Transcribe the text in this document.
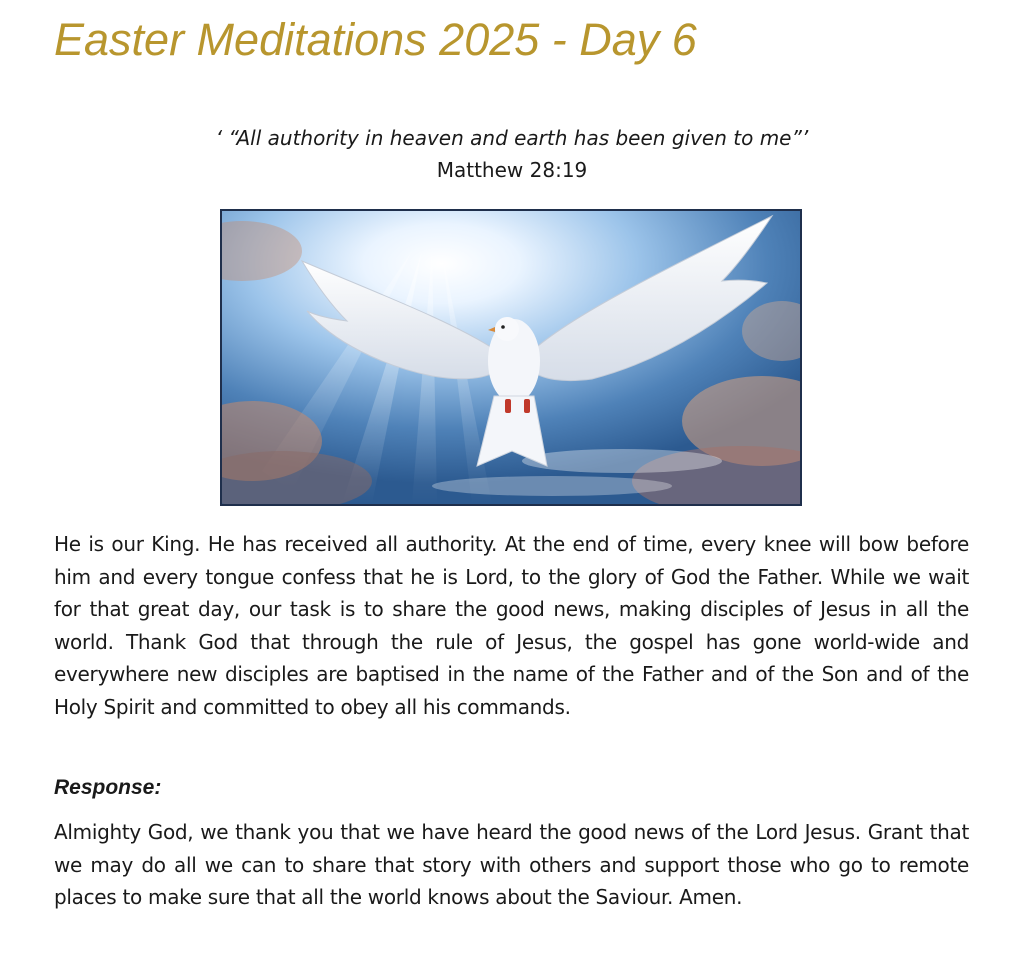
Easter Meditations 2025 - Day 6

‘ “All authority in heaven and earth has been given to me”’

Matthew 28:19

He is our King. He has received all authority. At the end of time, every knee will bow before him and every tongue confess that he is Lord, to the glory of God the Father. While we wait for that great day, our task is to share the good news, making disciples of Jesus in all the world. Thank God that through the rule of Jesus, the gospel has gone world-wide and everywhere new disciples are baptised in the name of the Father and of the Son and of the Holy Spirit and committed to obey all his commands.

Response:

Almighty God, we thank you that we have heard the good news of the Lord Jesus. Grant that we may do all we can to share that story with others and support those who go to remote places to make sure that all the world knows about the Saviour. Amen.
